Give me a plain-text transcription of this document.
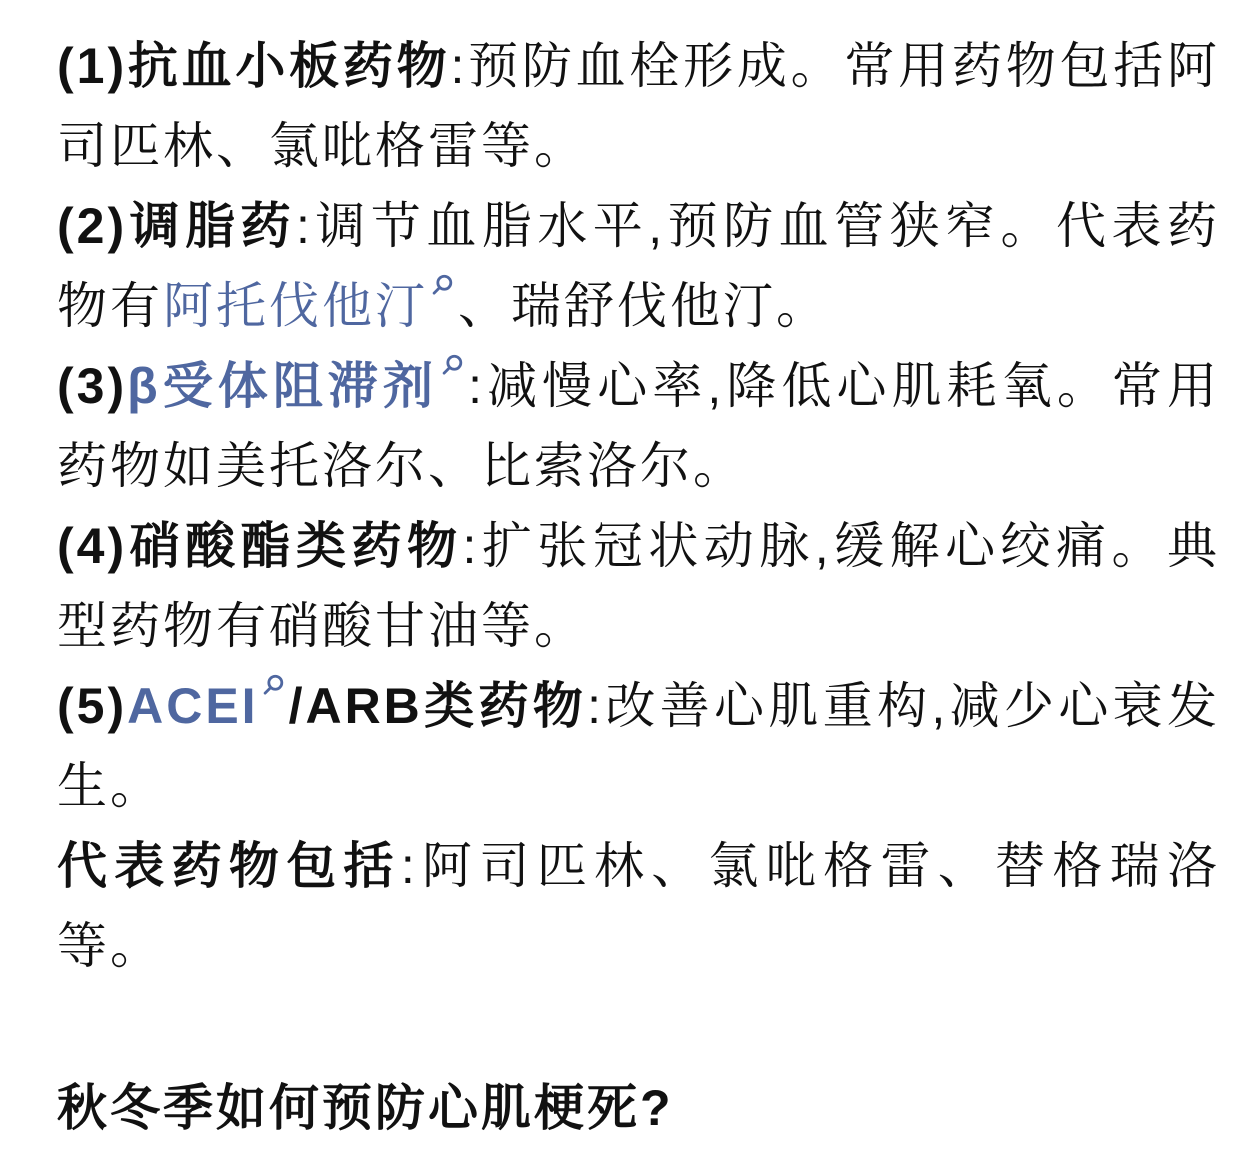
(1)抗血小板药物:预防血栓形成。常用药物包括阿司匹林、氯吡格雷等。

(2)调脂药:调节血脂水平,预防血管狭窄。代表药物有阿托伐他汀 、瑞舒伐他汀。

(3)β受体阻滞剂 :减慢心率,降低心肌耗氧。常用药物如美托洛尔、比索洛尔。

(4)硝酸酯类药物:扩张冠状动脉,缓解心绞痛。典型药物有硝酸甘油等。

(5)ACEI /ARB类药物:改善心肌重构,减少心衰发生。

代表药物包括:阿司匹林、氯吡格雷、替格瑞洛等。

秋冬季如何预防心肌梗死?
